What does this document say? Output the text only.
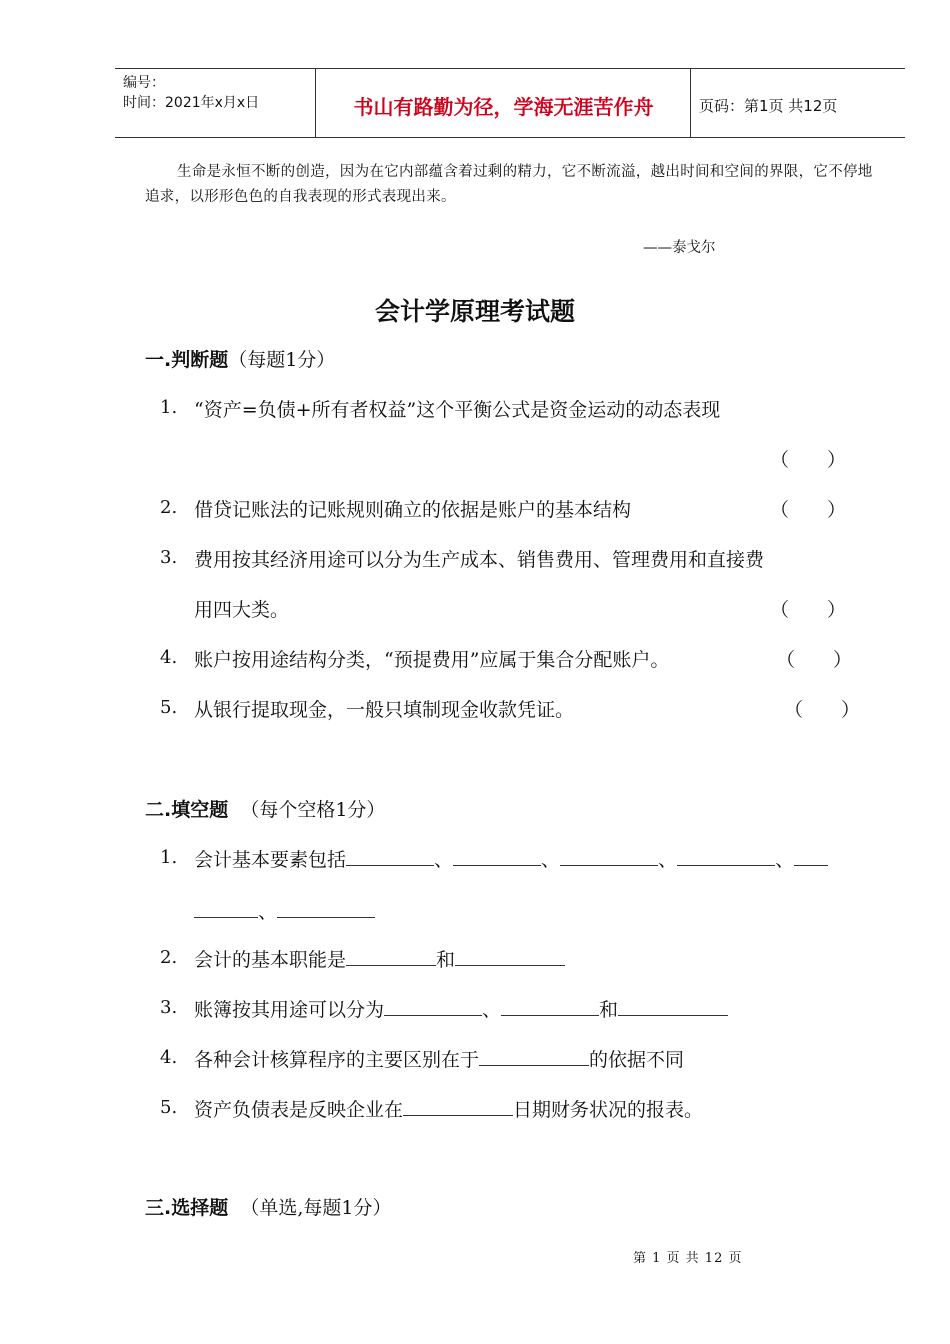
编号：
时间：2021年x月x日	书山有路勤为径，学海无涯苦作舟	页码：第1页 共12页
生命是永恒不断的创造，因为在它内部蕴含着过剩的精力，它不断流溢，越出时间和空间的界限，它不停地追求，以形形色色的自我表现的形式表现出来。
——泰戈尔
会计学原理考试题
一.判断题（每题1分）
1. “资产=负债+所有者权益”这个平衡公式是资金运动的动态表现
（　　）
2. 借贷记账法的记账规则确立的依据是账户的基本结构	（　　）
3. 费用按其经济用途可以分为生产成本、销售费用、管理费用和直接费
用四大类。	（　　）
4. 账户按用途结构分类，“预提费用”应属于集合分配账户。	（　　）
5. 从银行提取现金，一般只填制现金收款凭证。	（　　）
二.填空题 （每个空格1分）
1. 会计基本要素包括	、	、	、	、
、
2. 会计的基本职能是	和
3. 账簿按其用途可以分为	、	和
4. 各种会计核算程序的主要区别在于	的依据不同
5. 资产负债表是反映企业在	日期财务状况的报表。
三.选择题 （单选,每题1分）
第 1 页 共 12 页
